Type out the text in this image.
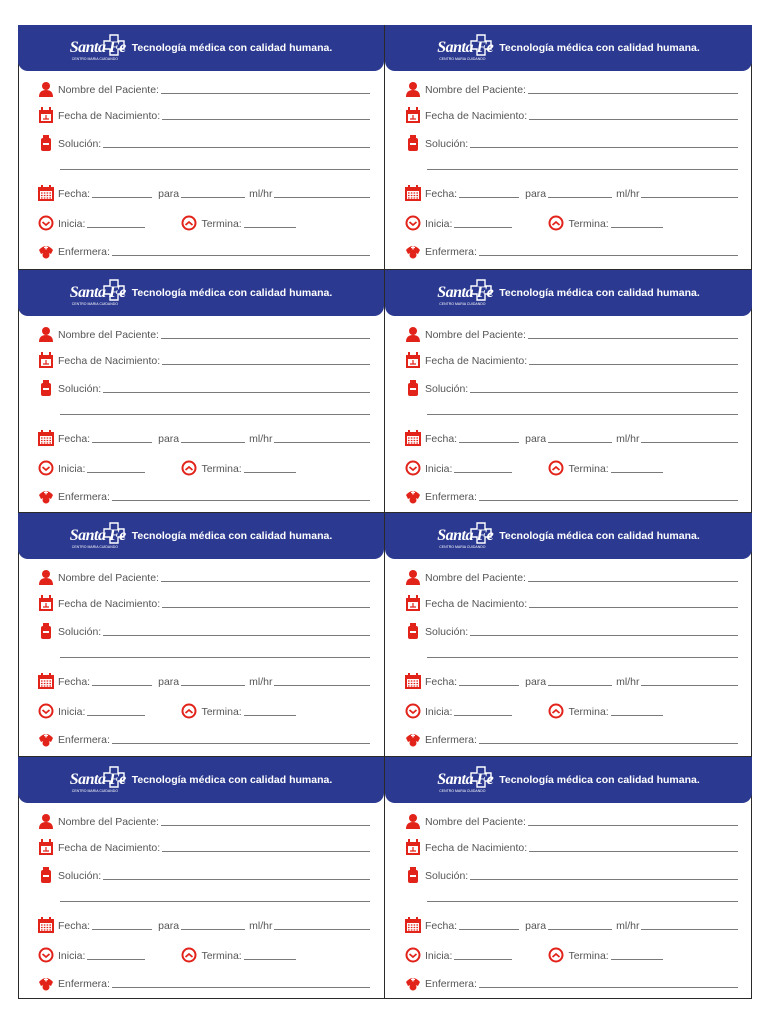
Santa Fe
CENTRO MARIA CUIDANDO
Tecnología médica con calidad humana.
Nombre del Paciente:
Fecha de Nacimiento:
Solución:
Fecha:	para	ml/hr
Inicia:	Termina:
Enfermera:
Santa Fe
CENTRO MARIA CUIDANDO
Tecnología médica con calidad humana.
Nombre del Paciente:
Fecha de Nacimiento:
Solución:
Fecha:	para	ml/hr
Inicia:	Termina:
Enfermera:
Santa Fe
CENTRO MARIA CUIDANDO
Tecnología médica con calidad humana.
Nombre del Paciente:
Fecha de Nacimiento:
Solución:
Fecha:	para	ml/hr
Inicia:	Termina:
Enfermera:
Santa Fe
CENTRO MARIA CUIDANDO
Tecnología médica con calidad humana.
Nombre del Paciente:
Fecha de Nacimiento:
Solución:
Fecha:	para	ml/hr
Inicia:	Termina:
Enfermera:
Santa Fe
CENTRO MARIA CUIDANDO
Tecnología médica con calidad humana.
Nombre del Paciente:
Fecha de Nacimiento:
Solución:
Fecha:	para	ml/hr
Inicia:	Termina:
Enfermera:
Santa Fe
CENTRO MARIA CUIDANDO
Tecnología médica con calidad humana.
Nombre del Paciente:
Fecha de Nacimiento:
Solución:
Fecha:	para	ml/hr
Inicia:	Termina:
Enfermera:
Santa Fe
CENTRO MARIA CUIDANDO
Tecnología médica con calidad humana.
Nombre del Paciente:
Fecha de Nacimiento:
Solución:
Fecha:	para	ml/hr
Inicia:	Termina:
Enfermera:
Santa Fe
CENTRO MARIA CUIDANDO
Tecnología médica con calidad humana.
Nombre del Paciente:
Fecha de Nacimiento:
Solución:
Fecha:	para	ml/hr
Inicia:	Termina:
Enfermera:
